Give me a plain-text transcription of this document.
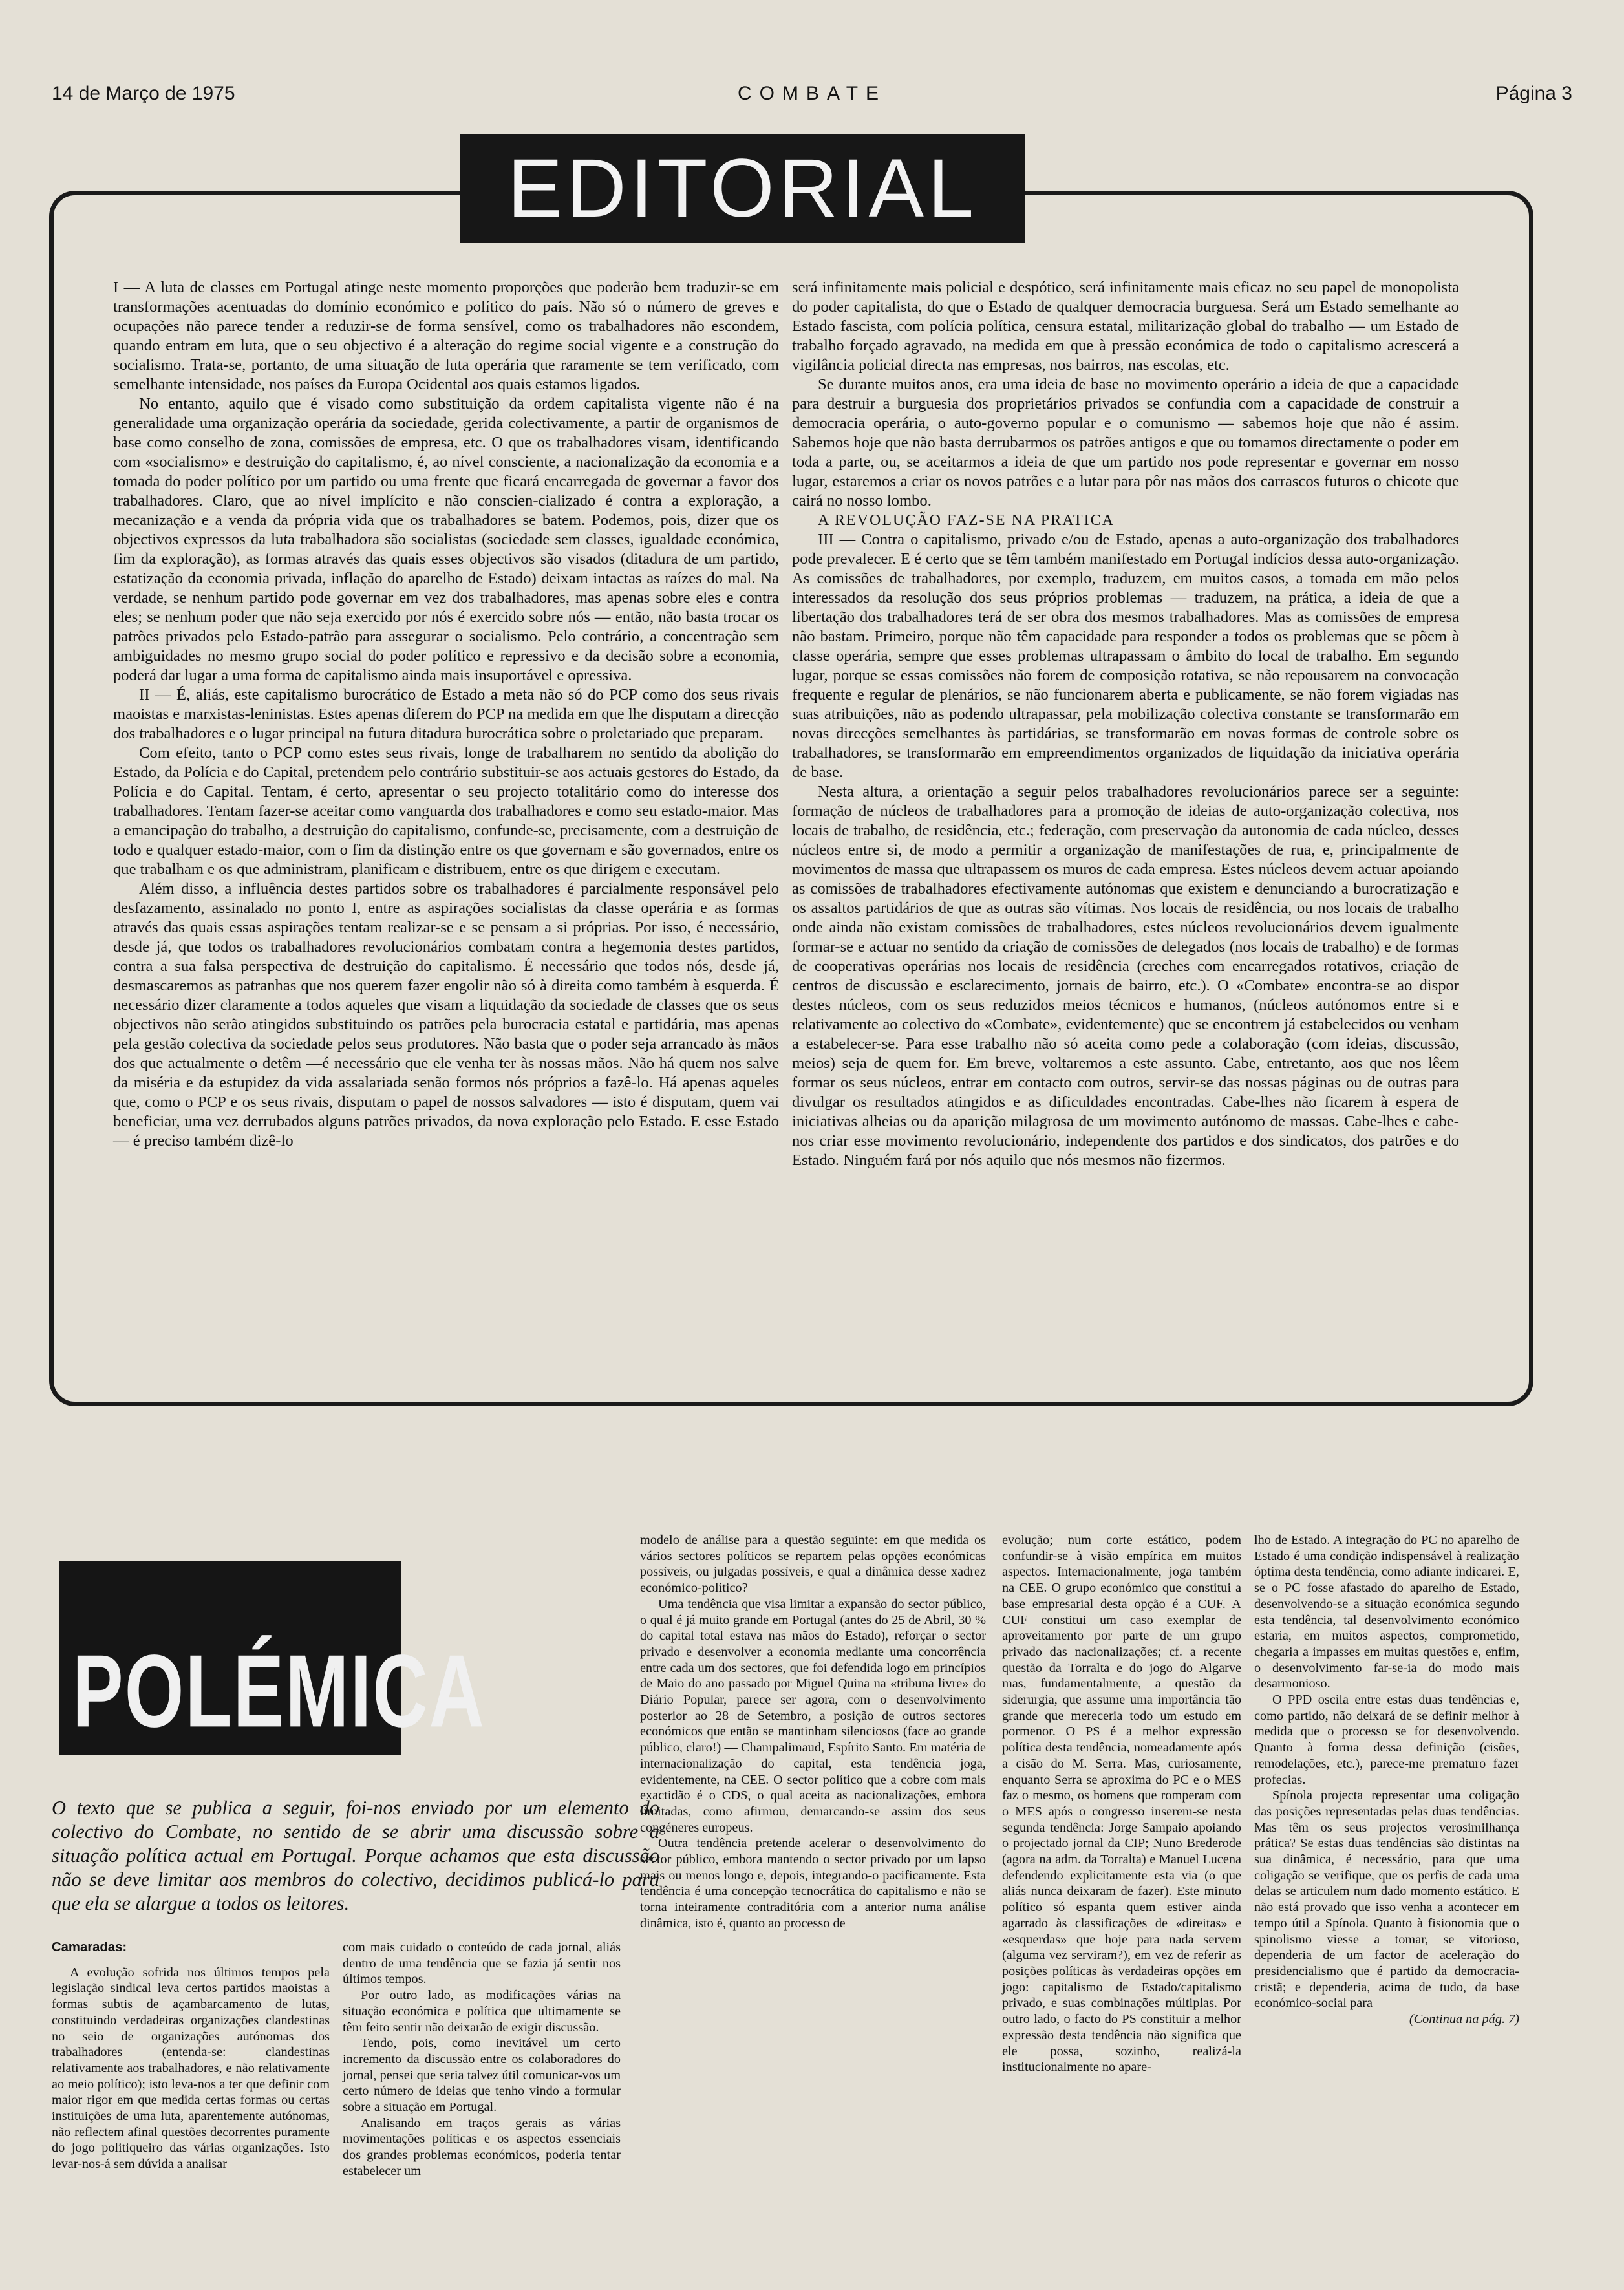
14 de Março de 1975	COMBATE	Página 3
EDITORIAL

I — A luta de classes em Portugal atinge neste momento proporções que poderão bem traduzir-se em transformações acentuadas do domínio económico e político do país. Não só o número de greves e ocupações não parece tender a reduzir-se de forma sensível, como os trabalhadores não escondem, quando entram em luta, que o seu objectivo é a alteração do regime social vigente e a construção do socialismo. Trata-se, portanto, de uma situação de luta operária que raramente se tem verificado, com semelhante intensidade, nos países da Europa Ocidental aos quais estamos ligados.

No entanto, aquilo que é visado como substituição da ordem capitalista vigente não é na generalidade uma organização operária da sociedade, gerida colectivamente, a partir de organismos de base como conselho de zona, comissões de empresa, etc. O que os trabalhadores visam, identificando com «socialismo» e destruição do capitalismo, é, ao nível consciente, a nacionalização da economia e a tomada do poder político por um partido ou uma frente que ficará encarregada de governar a favor dos trabalhadores. Claro, que ao nível implícito e não conscien-cializado é contra a exploração, a mecanização e a venda da própria vida que os trabalhadores se batem. Podemos, pois, dizer que os objectivos expressos da luta trabalhadora são socialistas (sociedade sem classes, igualdade económica, fim da exploração), as formas através das quais esses objectivos são visados (ditadura de um partido, estatização da economia privada, inflação do aparelho de Estado) deixam intactas as raízes do mal. Na verdade, se nenhum partido pode governar em vez dos trabalhadores, mas apenas sobre eles e contra eles; se nenhum poder que não seja exercido por nós é exercido sobre nós — então, não basta trocar os patrões privados pelo Estado-patrão para assegurar o socialismo. Pelo contrário, a concentração sem ambiguidades no mesmo grupo social do poder político e repressivo e da decisão sobre a economia, poderá dar lugar a uma forma de capitalismo ainda mais insuportável e opressiva.

II — É, aliás, este capitalismo burocrático de Estado a meta não só do PCP como dos seus rivais maoistas e marxistas-leninistas. Estes apenas diferem do PCP na medida em que lhe disputam a direcção dos trabalhadores e o lugar principal na futura ditadura burocrática sobre o proletariado que preparam.

Com efeito, tanto o PCP como estes seus rivais, longe de trabalharem no sentido da abolição do Estado, da Polícia e do Capital, pretendem pelo contrário substituir-se aos actuais gestores do Estado, da Polícia e do Capital. Tentam, é certo, apresentar o seu projecto totalitário como do interesse dos trabalhadores. Tentam fazer-se aceitar como vanguarda dos trabalhadores e como seu estado-maior. Mas a emancipação do trabalho, a destruição do capitalismo, confunde-se, precisamente, com a destruição de todo e qualquer estado-maior, com o fim da distinção entre os que governam e são governados, entre os que trabalham e os que administram, planificam e distribuem, entre os que dirigem e executam.

Além disso, a influência destes partidos sobre os trabalhadores é parcialmente responsável pelo desfazamento, assinalado no ponto I, entre as aspirações socialistas da classe operária e as formas através das quais essas aspirações tentam realizar-se e se pensam a si próprias. Por isso, é necessário, desde já, que todos os trabalhadores revolucionários combatam contra a hegemonia destes partidos, contra a sua falsa perspectiva de destruição do capitalismo. É necessário que todos nós, desde já, desmascaremos as patranhas que nos querem fazer engolir não só à direita como também à esquerda. É necessário dizer claramente a todos aqueles que visam a liquidação da sociedade de classes que os seus objectivos não serão atingidos substituindo os patrões pela burocracia estatal e partidária, mas apenas pela gestão colectiva da sociedade pelos seus produtores. Não basta que o poder seja arrancado às mãos dos que actualmente o detêm —é necessário que ele venha ter às nossas mãos. Não há quem nos salve da miséria e da estupidez da vida assalariada senão formos nós próprios a fazê-lo. Há apenas aqueles que, como o PCP e os seus rivais, disputam o papel de nossos salvadores — isto é disputam, quem vai beneficiar, uma vez derrubados alguns patrões privados, da nova exploração pelo Estado. E esse Estado — é preciso também dizê-lo

será infinitamente mais policial e despótico, será infinitamente mais eficaz no seu papel de monopolista do poder capitalista, do que o Estado de qualquer democracia burguesa. Será um Estado semelhante ao Estado fascista, com polícia política, censura estatal, militarização global do trabalho — um Estado de trabalho forçado agravado, na medida em que à pressão económica de todo o capitalismo acrescerá a vigilância policial directa nas empresas, nos bairros, nas escolas, etc.

Se durante muitos anos, era uma ideia de base no movimento operário a ideia de que a capacidade para destruir a burguesia dos proprietários privados se confundia com a capacidade de construir a democracia operária, o auto-governo popular e o comunismo — sabemos hoje que não é assim. Sabemos hoje que não basta derrubarmos os patrões antigos e que ou tomamos directamente o poder em toda a parte, ou, se aceitarmos a ideia de que um partido nos pode representar e governar em nosso lugar, estaremos a criar os novos patrões e a lutar para pôr nas mãos dos carrascos futuros o chicote que cairá no nosso lombo.

A REVOLUÇÃO FAZ-SE NA PRATICA

III — Contra o capitalismo, privado e/ou de Estado, apenas a auto-organização dos trabalhadores pode prevalecer. E é certo que se têm também manifestado em Portugal indícios dessa auto-organização. As comissões de trabalhadores, por exemplo, traduzem, em muitos casos, a tomada em mão pelos interessados da resolução dos seus próprios problemas — traduzem, na prática, a ideia de que a libertação dos trabalhadores terá de ser obra dos mesmos trabalhadores. Mas as comissões de empresa não bastam. Primeiro, porque não têm capacidade para responder a todos os problemas que se põem à classe operária, sempre que esses problemas ultrapassam o âmbito do local de trabalho. Em segundo lugar, porque se essas comissões não forem de composição rotativa, se não repousarem na convocação frequente e regular de plenários, se não funcionarem aberta e publicamente, se não forem vigiadas nas suas atribuições, não as podendo ultrapassar, pela mobilização colectiva constante se transformarão em novas direcções semelhantes às partidárias, se transformarão em novas formas de controle sobre os trabalhadores, se transformarão em empreendimentos organizados de liquidação da iniciativa operária de base.

Nesta altura, a orientação a seguir pelos trabalhadores revolucionários parece ser a seguinte: formação de núcleos de trabalhadores para a promoção de ideias de auto-organização colectiva, nos locais de trabalho, de residência, etc.; federação, com preservação da autonomia de cada núcleo, desses núcleos entre si, de modo a permitir a organização de manifestações de rua, e, principalmente de movimentos de massa que ultrapassem os muros de cada empresa. Estes núcleos devem actuar apoiando as comissões de trabalhadores efectivamente autónomas que existem e denunciando a burocratização e os assaltos partidários de que as outras são vítimas. Nos locais de residência, ou nos locais de trabalho onde ainda não existam comissões de trabalhadores, estes núcleos revolucionários devem igualmente formar-se e actuar no sentido da criação de comissões de delegados (nos locais de trabalho) e de formas de cooperativas operárias nos locais de residência (creches com encarregados rotativos, criação de centros de discussão e esclarecimento, jornais de bairro, etc.). O «Combate» encontra-se ao dispor destes núcleos, com os seus reduzidos meios técnicos e humanos, (núcleos autónomos entre si e relativamente ao colectivo do «Combate», evidentemente) que se encontrem já estabelecidos ou venham a estabelecer-se. Para esse trabalho não só aceita como pede a colaboração (com ideias, discussão, meios) seja de quem for. Em breve, voltaremos a este assunto. Cabe, entretanto, aos que nos lêem formar os seus núcleos, entrar em contacto com outros, servir-se das nossas páginas ou de outras para divulgar os resultados atingidos e as dificuldades encontradas. Cabe-lhes não ficarem à espera de iniciativas alheias ou da aparição milagrosa de um movimento autónomo de massas. Cabe-lhes e cabe-nos criar esse movimento revolucionário, independente dos partidos e dos sindicatos, dos patrões e do Estado. Ninguém fará por nós aquilo que nós mesmos não fizermos.

POLÉMICA
O texto que se publica a seguir, foi-nos enviado por um elemento do colectivo do Combate, no sentido de se abrir uma discussão sobre a situação política actual em Portugal. Porque achamos que esta discussão não se deve limitar aos membros do colectivo, decidimos publicá-lo para que ela se alargue a todos os leitores.

Camaradas:

A evolução sofrida nos últimos tempos pela legislação sindical leva certos partidos maoistas a formas subtis de açambarcamento de lutas, constituindo verdadeiras organizações clandestinas no seio de organizações autónomas dos trabalhadores (entenda-se: clandestinas relativamente aos trabalhadores, e não relativamente ao meio político); isto leva-nos a ter que definir com maior rigor em que medida certas formas ou certas instituições de uma luta, aparentemente autónomas, não reflectem afinal questões decorrentes puramente do jogo politiqueiro das várias organizações. Isto levar-nos-á sem dúvida a analisar

com mais cuidado o conteúdo de cada jornal, aliás dentro de uma tendência que se fazia já sentir nos últimos tempos.

Por outro lado, as modificações várias na situação económica e política que ultimamente se têm feito sentir não deixarão de exigir discussão.

Tendo, pois, como inevitável um certo incremento da discussão entre os colaboradores do jornal, pensei que seria talvez útil comunicar-vos um certo número de ideias que tenho vindo a formular sobre a situação em Portugal.

Analisando em traços gerais as várias movimentações políticas e os aspectos essenciais dos grandes problemas económicos, poderia tentar estabelecer um

modelo de análise para a questão seguinte: em que medida os vários sectores políticos se repartem pelas opções económicas possíveis, ou julgadas possíveis, e qual a dinâmica desse xadrez económico-político?

Uma tendência que visa limitar a expansão do sector público, o qual é já muito grande em Portugal (antes do 25 de Abril, 30 % do capital total estava nas mãos do Estado), reforçar o sector privado e desenvolver a economia mediante uma concorrência entre cada um dos sectores, que foi defendida logo em princípios de Maio do ano passado por Miguel Quina na «tribuna livre» do Diário Popular, parece ser agora, com o desenvolvimento posterior ao 28 de Setembro, a posição de outros sectores económicos que então se mantinham silenciosos (face ao grande público, claro!) — Champalimaud, Espírito Santo. Em matéria de internacionalização do capital, esta tendência joga, evidentemente, na CEE. O sector político que a cobre com mais exactidão é o CDS, o qual aceita as nacionalizações, embora limitadas, como afirmou, demarcando-se assim dos seus congéneres europeus.

Outra tendência pretende acelerar o desenvolvimento do sector público, embora mantendo o sector privado por um lapso mais ou menos longo e, depois, integrando-o pacificamente. Esta tendência é uma concepção tecnocrática do capitalismo e não se torna inteiramente contraditória com a anterior numa análise dinâmica, isto é, quanto ao processo de

evolução; num corte estático, podem confundir-se à visão empírica em muitos aspectos. Internacionalmente, joga também na CEE. O grupo económico que constitui a base empresarial desta opção é a CUF. A CUF constitui um caso exemplar de aproveitamento por parte de um grupo privado das nacionalizações; cf. a recente questão da Torralta e do jogo do Algarve mas, fundamentalmente, a questão da siderurgia, que assume uma importância tão grande que mereceria todo um estudo em pormenor. O PS é a melhor expressão política desta tendência, nomeadamente após a cisão do M. Serra. Mas, curiosamente, enquanto Serra se aproxima do PC e o MES faz o mesmo, os homens que romperam com o MES após o congresso inserem-se nesta segunda tendência: Jorge Sampaio apoiando o projectado jornal da CIP; Nuno Brederode (agora na adm. da Torralta) e Manuel Lucena defendendo explicitamente esta via (o que aliás nunca deixaram de fazer). Este minuto político só espanta quem estiver ainda agarrado às classificações de «direitas» e «esquerdas» que hoje para nada servem (alguma vez serviram?), em vez de referir as posições políticas às verdadeiras opções em jogo: capitalismo de Estado/capitalismo privado, e suas combinações múltiplas. Por outro lado, o facto do PS constituir a melhor expressão desta tendência não significa que ele possa, sozinho, realizá-la institucionalmente no apare-

lho de Estado. A integração do PC no aparelho de Estado é uma condição indispensável à realização óptima desta tendência, como adiante indicarei. E, se o PC fosse afastado do aparelho de Estado, desenvolvendo-se a situação económica segundo esta tendência, tal desenvolvimento económico estaria, em muitos aspectos, comprometido, chegaria a impasses em muitas questões e, enfim, o desenvolvimento far-se-ia do modo mais desarmonioso.

O PPD oscila entre estas duas tendências e, como partido, não deixará de se definir melhor à medida que o processo se for desenvolvendo. Quanto à forma dessa definição (cisões, remodelações, etc.), parece-me prematuro fazer profecias.

Spínola projecta representar uma coligação das posições representadas pelas duas tendências. Mas têm os seus projectos verosimilhança prática? Se estas duas tendências são distintas na sua dinâmica, é necessário, para que uma coligação se verifique, que os perfis de cada uma delas se articulem num dado momento estático. E não está provado que isso venha a acontecer em tempo útil a Spínola. Quanto à fisionomia que o spinolismo viesse a tomar, se vitorioso, dependeria de um factor de aceleração do presidencialismo que é partido da democracia-cristã; e dependeria, acima de tudo, da base económico-social para

(Continua na pág. 7)
